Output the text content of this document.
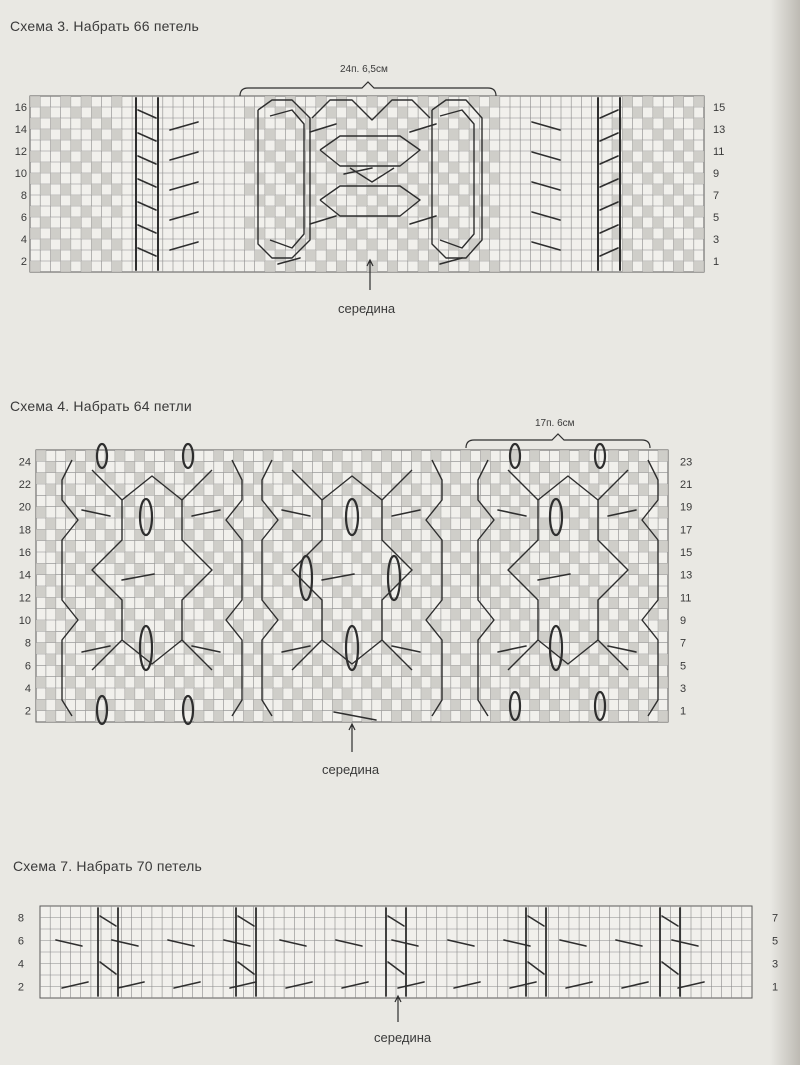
Схема 3. Набрать 66 петель
Схема 4. Набрать 64 петли
Схема 7. Набрать 70 петель
середина
середина
середина
24п. 6,5см
17п. 6см
16
14
12
10
8
6
4
2
15
13
11
9
7
5
3
1
24
22
20
18
16
14
12
10
8
6
4
2
23
21
19
17
15
13
11
9
7
5
3
1
8
6
4
2
7
5
3
1
